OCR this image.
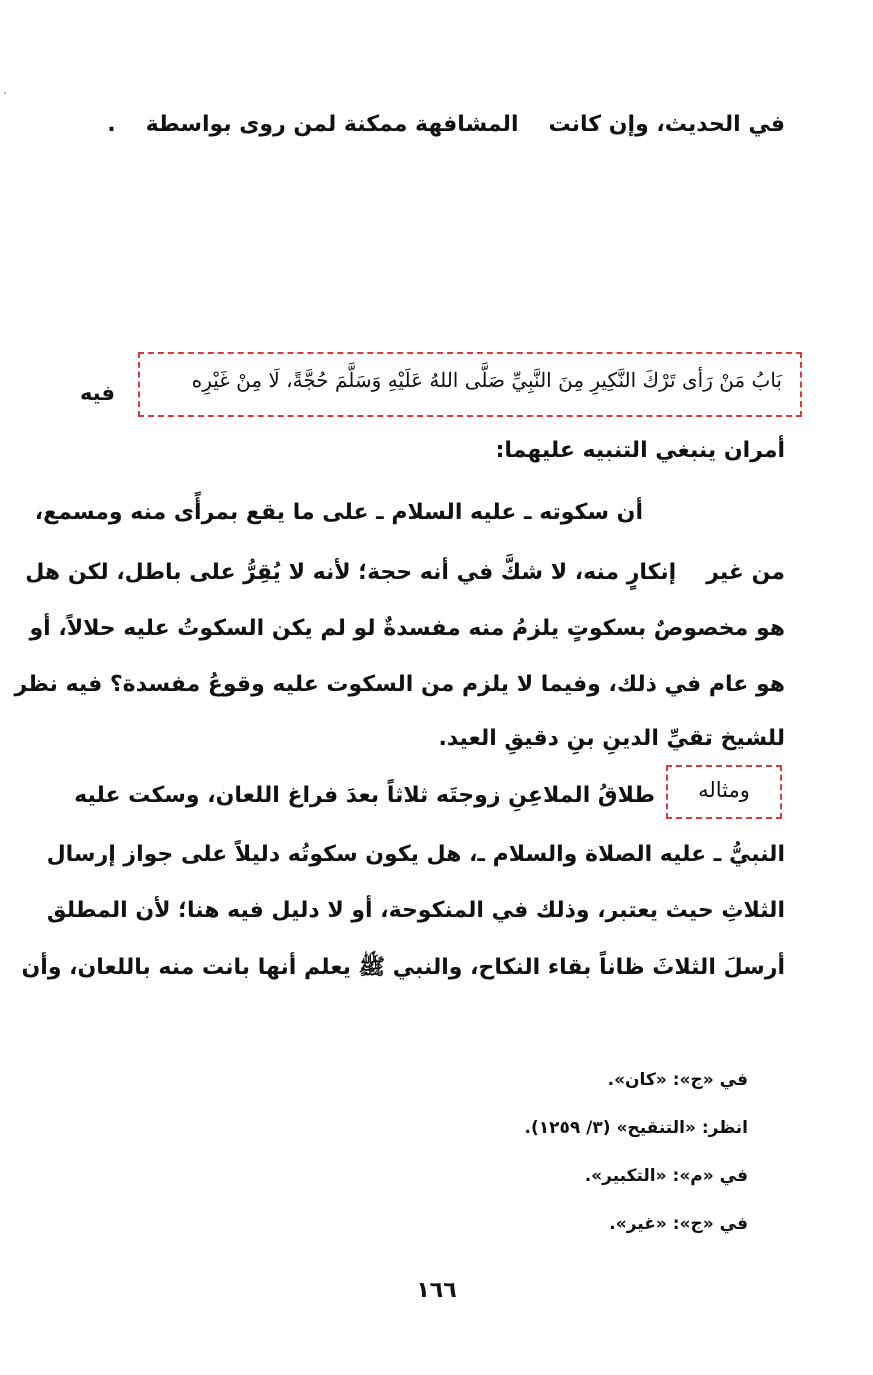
في الحديث، وإن كانتالمشافهة ممكنة لمن روى بواسطة.
بَابُ مَنْ رَأى تَرْكَ النَّكِيرِ مِنَ النَّبِيِّ صَلَّى اللهُ عَلَيْهِ وَسَلَّمَ حُجَّةً، لَا مِنْ غَيْرِه
فيه
أمران ينبغي التنبيه عليهما:
أن سكوته ـ عليه السلام ـ على ما يقع بمرأًى منه ومسمع،
من غيرإنكارٍ منه، لا شكَّ في أنه حجة؛ لأنه لا يُقِرُّ على باطل، لكن هل
هو مخصوصٌ بسكوتٍ يلزمُ منه مفسدةٌ لو لم يكن السكوتُ عليه حلالاً، أو
هو عام في ذلك، وفيما لا يلزم من السكوت عليه وقوعُ مفسدة؟ فيه نظر
للشيخ تقيِّ الدينِ بنِ دقيقِ العيد.
ومثاله
طلاقُ الملاعِنِ زوجتَه ثلاثاً بعدَ فراغ اللعان، وسكت عليه
النبيُّ ـ عليه الصلاة والسلام ـ، هل يكون سكوتُه دليلاً على جواز إرسال
الثلاثِ حيث يعتبر، وذلك في المنكوحة، أو لا دليل فيه هنا؛ لأن المطلق
أرسلَ الثلاثَ ظاناً بقاء النكاح، والنبي ﷺ يعلم أنها بانت منه باللعان، وأن
في «ج»: «كان».
انظر: «التنقيح» (٣/ ١٢٥٩).
في «م»: «التكبير».
في «ج»: «غير».
١٦٦
